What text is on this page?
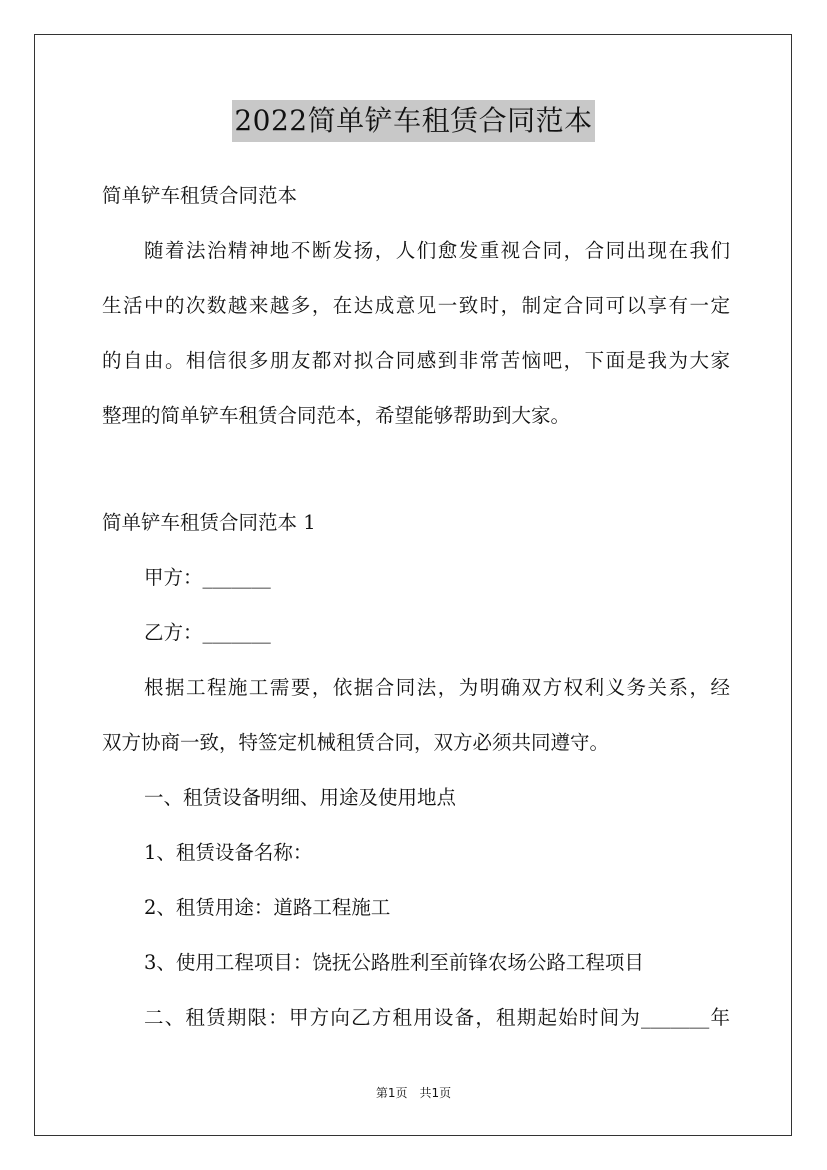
2022简单铲车租赁合同范本
简单铲车租赁合同范本
随着法治精神地不断发扬，人们愈发重视合同，合同出现在我们
生活中的次数越来越多，在达成意见一致时，制定合同可以享有一定
的自由。相信很多朋友都对拟合同感到非常苦恼吧，下面是我为大家
整理的简单铲车租赁合同范本，希望能够帮助到大家。
简单铲车租赁合同范本 1
甲方：_______
乙方：_______
根据工程施工需要，依据合同法，为明确双方权利义务关系，经
双方协商一致，特签定机械租赁合同，双方必须共同遵守。
一、租赁设备明细、用途及使用地点
1、租赁设备名称：
2、租赁用途：道路工程施工
3、使用工程项目：饶抚公路胜利至前锋农场公路工程项目
二、租赁期限：甲方向乙方租用设备，租期起始时间为_______年
第1页 共1页
